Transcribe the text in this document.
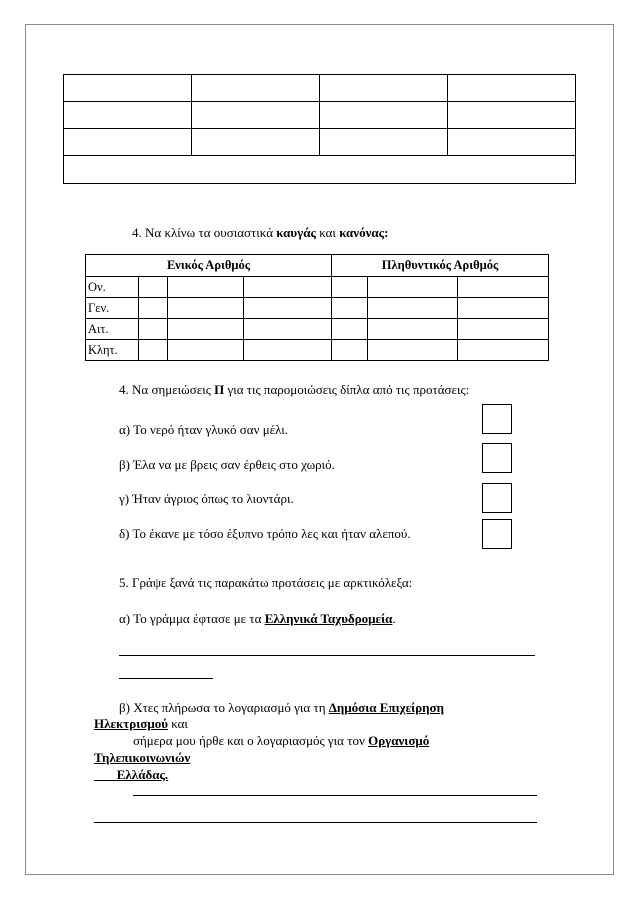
4. Να κλίνω τα ουσιαστικά καυγάς και κανόνας:
Ενικός Αριθμός				Πληθυντικός Αριθμός		
Ον.						
Γεν.						
Αιτ.						
Κλητ.						
4. Να σημειώσεις Π για τις παρομοιώσεις δίπλα από τις προτάσεις:
α) Το νερό ήταν γλυκό σαν μέλι.
β) Έλα να με βρεις σαν έρθεις στο χωριό.
γ) Ήταν άγριος όπως το λιοντάρι.
δ) Το έκανε με τόσο έξυπνο τρόπο λες και ήταν αλεπού.
5. Γράψε ξανά τις παρακάτω προτάσεις με αρκτικόλεξα:
α) Το γράμμα έφτασε με τα Ελληνικά Ταχυδρομεία.
β) Χτες πλήρωσα το λογαριασμό για τη Δημόσια Επιχείρηση
Ηλεκτρισμού και
σήμερα μου ήρθε και ο λογαριασμός για τον Οργανισμό
Τηλεπικοινωνιών
​       Ελλάδας.
